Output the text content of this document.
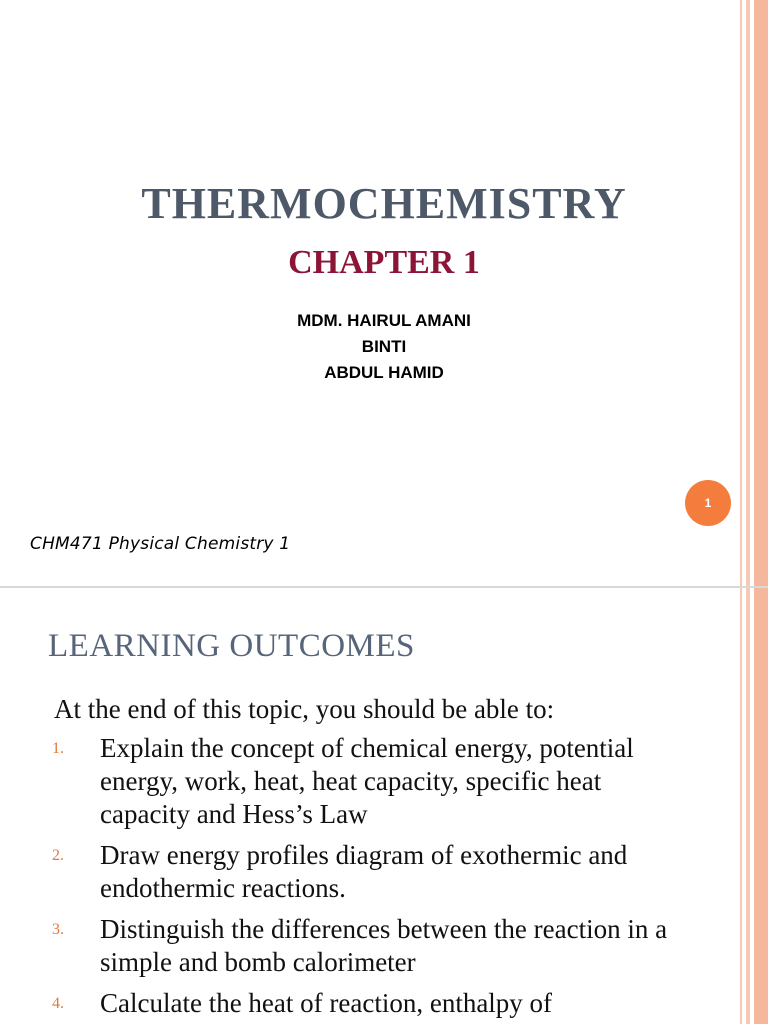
THERMOCHEMISTRY
CHAPTER 1
MDM. HAIRUL AMANI
BINTI
ABDUL HAMID
1
CHM471 Physical Chemistry 1
LEARNING OUTCOMES
At the end of this topic, you should be able to:
1. Explain the concept of chemical energy, potential energy, work, heat, heat capacity, specific heat capacity and Hess’s Law
2. Draw energy profiles diagram of exothermic and endothermic reactions.
3. Distinguish the differences between the reaction in a simple and bomb calorimeter
4. Calculate the heat of reaction, enthalpy of
